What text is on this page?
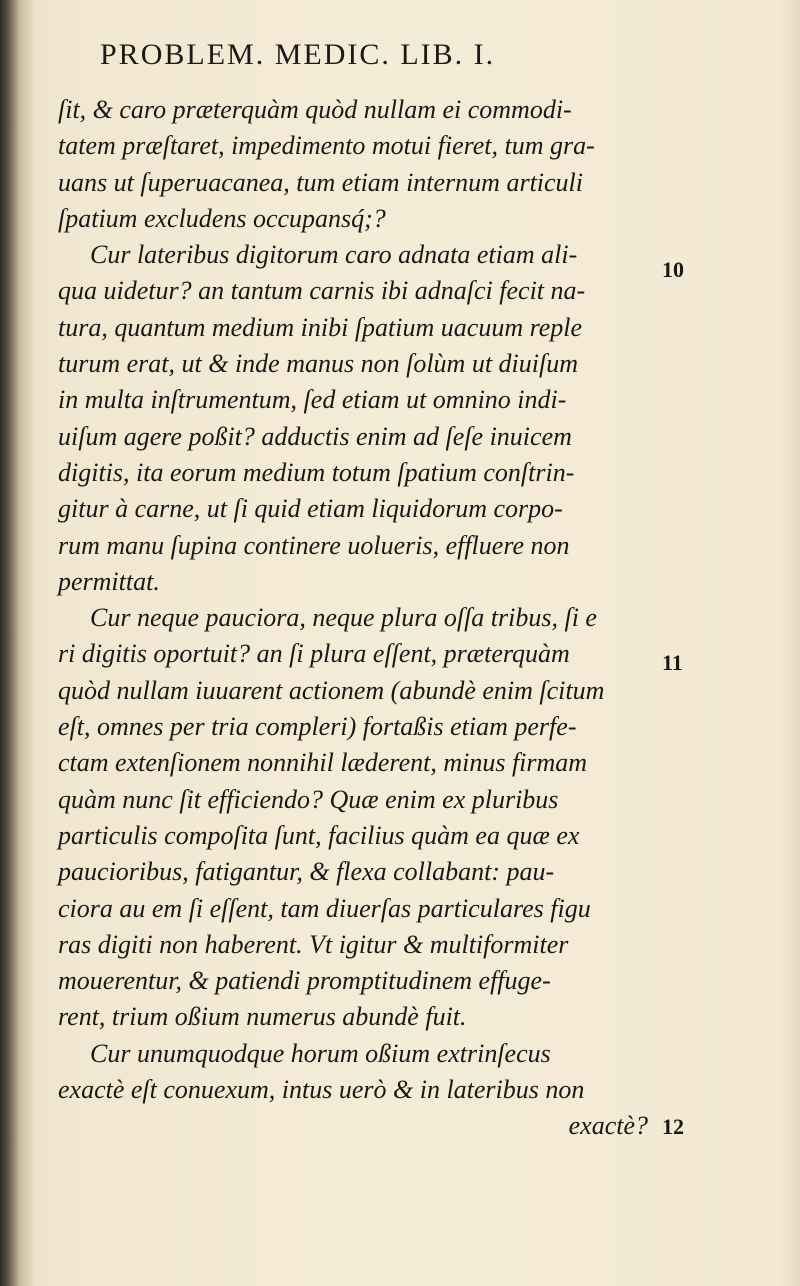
PROBLEM. MEDIC. LIB. I.
ſit, & caro præterquàm quòd nullam ei commodi-
tatem præſtaret, impedimento motui fieret, tum gra-
uans ut ſuperuacanea, tum etiam internum articuli
ſpatium excludens occupansq́;?
Cur lateribus digitorum caro adnata etiam ali-
qua uidetur? an tantum carnis ibi adnaſci fecit na-
tura, quantum medium inibi ſpatium uacuum reple
turum erat, ut & inde manus non ſolùm ut diuiſum
in multa inſtrumentum, ſed etiam ut omnino indi-
uiſum agere poßit? adductis enim ad ſeſe inuicem
digitis, ita eorum medium totum ſpatium conſtrin-
gitur à carne, ut ſi quid etiam liquidorum corpo-
rum manu ſupina continere uolueris, effluere non
permittat.
Cur neque pauciora, neque plura oſſa tribus, ſi e
ri digitis oportuit? an ſi plura eſſent, præterquàm
quòd nullam iuuarent actionem (abundè enim ſcitum
eſt, omnes per tria compleri) fortaßis etiam perfe-
ctam extenſionem nonnihil læderent, minus firmam
quàm nunc ſit efficiendo? Quæ enim ex pluribus
particulis compoſita ſunt, facilius quàm ea quæ ex
paucioribus, fatigantur, & flexa collabant: pau-
ciora au em ſi eſſent, tam diuerſas particulares figu
ras digiti non haberent. Vt igitur & multiformiter
mouerentur, & patiendi promptitudinem effuge-
rent, trium oßium numerus abundè fuit.
Cur unumquodque horum oßium extrinſecus
exactè eſt conuexum, intus uerò & in lateribus non
exactè?
10
11
12
